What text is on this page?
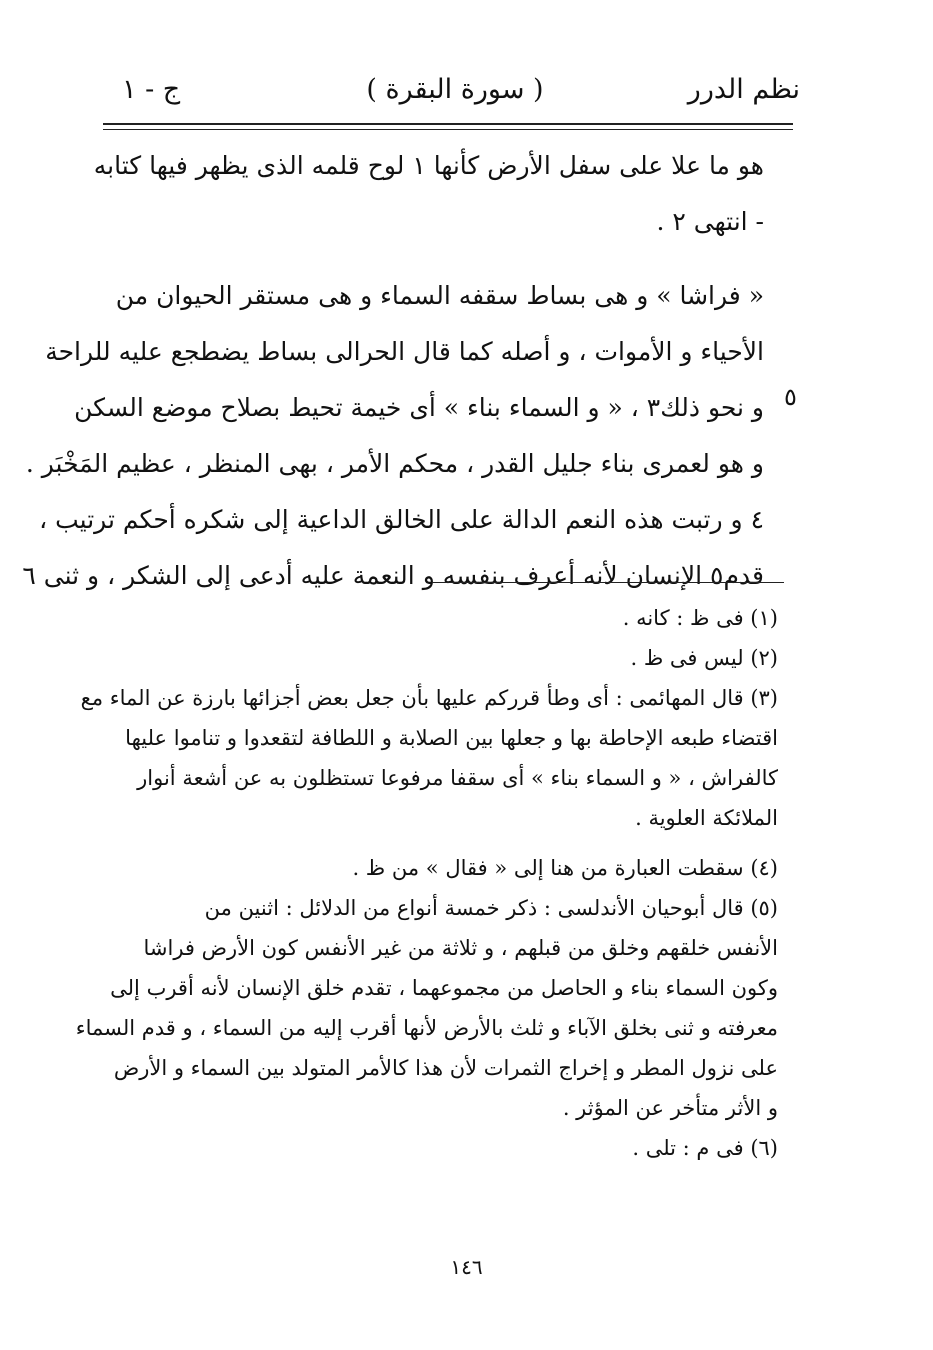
نظم الدرر
( سورة البقرة )
ج - ١
٥
هو ما علا على سفل الأرض كأنها ١ لوح قلمه الذى يظهر فيها كتابه
- انتهى ٢ .
« فراشا » و هى بساط سقفه السماء و هى مستقر الحيوان من
الأحياء و الأموات ، و أصله كما قال الحرالى بساط يضطجع عليه للراحة
و نحو ذلك٣ ، « و السماء بناء » أى خيمة تحيط بصلاح موضع السكن
و هو لعمرى بناء جليل القدر ، محكم الأمر ، بهى المنظر ، عظيم المَخْبَر .
٤ و رتبت هذه النعم الدالة على الخالق الداعية إلى شكره أحكم ترتيب ،
قدم٥ الإنسان لأنه أعرف بنفسه و النعمة عليه أدعى إلى الشكر ، و ثنى ٦
(١) فى ظ : كانه .
(٢) ليس فى ظ .
(٣) قال المهائمى : أى وطأ قرركم عليها بأن جعل بعض أجزائها بارزة عن الماء مع
اقتضاء طبعه الإحاطة بها و جعلها بين الصلابة و اللطافة لتقعدوا و تناموا عليها
كالفراش ، « و السماء بناء » أى سقفا مرفوعا تستظلون به عن أشعة أنوار
الملائكة العلوية .
(٤) سقطت العبارة من هنا إلى « فقال » من ظ .
(٥) قال أبوحيان الأندلسى : ذكر خمسة أنواع من الدلائل : اثنين من
الأنفس خلقهم وخلق من قبلهم ، و ثلاثة من غير الأنفس كون الأرض فراشا
وكون السماء بناء و الحاصل من مجموعهما ، تقدم خلق الإنسان لأنه أقرب إلى
معرفته و ثنى بخلق الآباء و ثلث بالأرض لأنها أقرب إليه من السماء ، و قدم السماء
على نزول المطر و إخراج الثمرات لأن هذا كالأمر المتولد بين السماء و الأرض
و الأثر متأخر عن المؤثر .
(٦) فى م : تلى .
١٤٦
